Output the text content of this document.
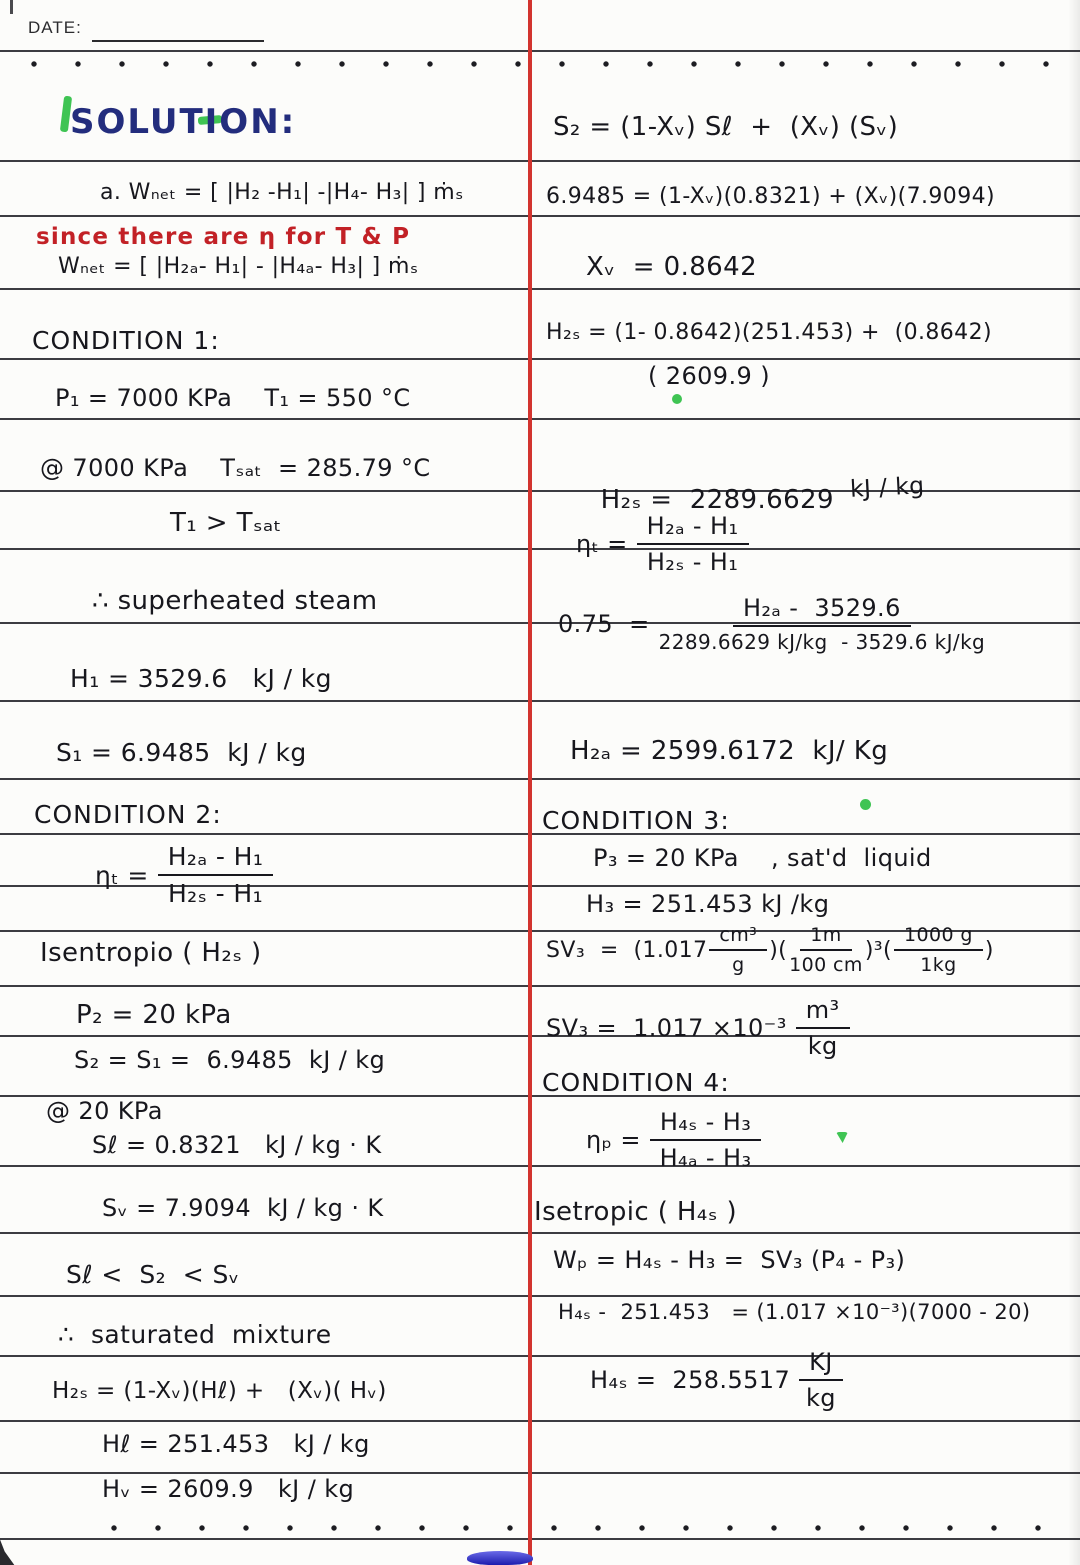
DATE:
SOLUTION:
a. Wₙₑₜ = [ |H₂ -H₁| -|H₄- H₃| ] ṁₛ
since there are η for T & P
Wₙₑₜ = [ |H₂ₐ- H₁| - |H₄ₐ- H₃| ] ṁₛ
CONDITION 1:
P₁ = 7000 KPa    T₁ = 550 °C
@ 7000 KPa    Tₛₐₜ  = 285.79 °C
T₁ > Tₛₐₜ
∴ superheated steam
H₁ = 3529.6   kJ / kg
S₁ = 6.9485  kJ / kg
CONDITION 2:
$\eta_t = \frac{\text{H₂ₐ - H₁}}{\text{H₂ₛ - H₁}}$
Isentropio ( H₂ₛ )
P₂ = 20 kPa
S₂ = S₁ =  6.9485  kJ / kg
@ 20 KPa
Sℓ = 0.8321   kJ / kg · K
Sᵥ = 7.9094  kJ / kg · K
Sℓ <  S₂  < Sᵥ
∴  saturated  mixture
H₂ₛ = (1-Xᵥ)(Hℓ) +   (Xᵥ)( Hᵥ)
Hℓ = 251.453   kJ / kg
Hᵥ = 2609.9   kJ / kg
S₂ = (1-Xᵥ) Sℓ  +  (Xᵥ) (Sᵥ)
6.9485 = (1-Xᵥ)(0.8321) + (Xᵥ)(7.9094)
Xᵥ  = 0.8642
H₂ₛ = (1- 0.8642)(251.453) +  (0.8642)
( 2609.9 )

H₂ₛ =  2289.6629 kJ / kg

$\eta_t = \frac{\text{H₂ₐ - H₁}}{\text{H₂ₛ - H₁}}$
$0.75 = \frac{\text{H₂ₐ -  3529.6}}{2289.6629 kJ/kg - 3529.6 kJ/kg}$
H₂ₐ = 2599.6172  kJ/ Kg
CONDITION 3:
P₃ = 20 KPa    , sat'd  liquid
H₃ = 251.453 kJ /kg
$SV_3 = (1.017 \frac{\text{cm³}}{g}$ )( $\frac{1m}{100 cm} )^3( \frac{1000 g}{1kg}$ )
$SV_3 = 1.017 \times 10^{-3} \frac{\text{m³}}{kg}$
CONDITION 4:
$\eta_p = \frac{\text{H₄ₛ - H₃}}{\text{H₄ₐ - H₃}}$
Isetropic ( H₄ₛ )
Wₚ = H₄ₛ - H₃ =  SV₃ (P₄ - P₃)
H₄ₛ -  251.453   = (1.017 ×10⁻³)(7000 - 20)
$H_{4s} = 258.5517 \frac{KJ}{kg}$
